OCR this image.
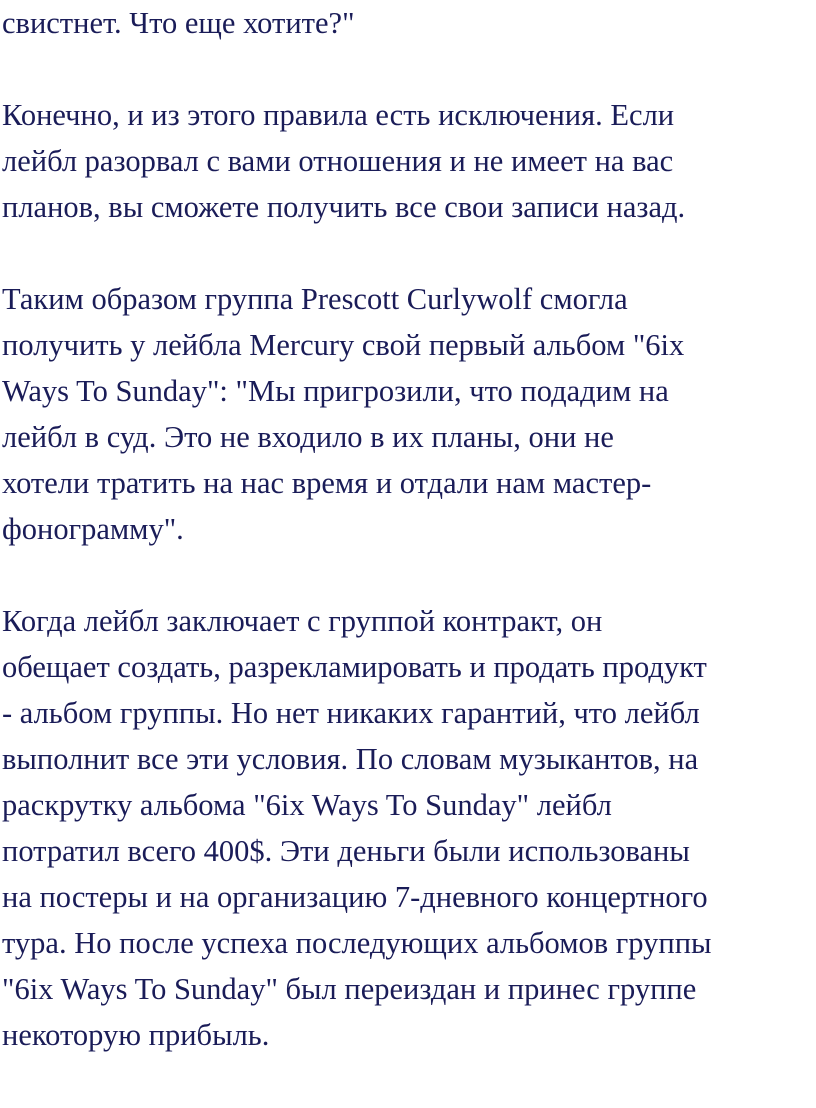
свистнет. Что еще хотите?"

Конечно, и из этого правила есть исключения. Если

лейбл разорвал с вами отношения и не имеет на вас

планов, вы сможете получить все свои записи назад.

Таким образом группа Prescott Curlywolf смогла

получить у лейбла Mercury свой первый альбом "6ix

Ways To Sunday": "Мы пригрозили, что подадим на

лейбл в суд. Это не входило в их планы, они не

хотели тратить на нас время и отдали нам мастер-

фонограмму".

Когда лейбл заключает с группой контракт, он

обещает создать, разрекламировать и продать продукт

- альбом группы. Но нет никаких гарантий, что лейбл

выполнит все эти условия. По словам музыкантов, на

раскрутку альбома "6ix Ways To Sunday" лейбл

потратил всего 400$. Эти деньги были использованы

на постеры и на организацию 7-дневного концертного

тура. Но после успеха последующих альбомов группы

"6ix Ways To Sunday" был переиздан и принес группе

некоторую прибыль.
